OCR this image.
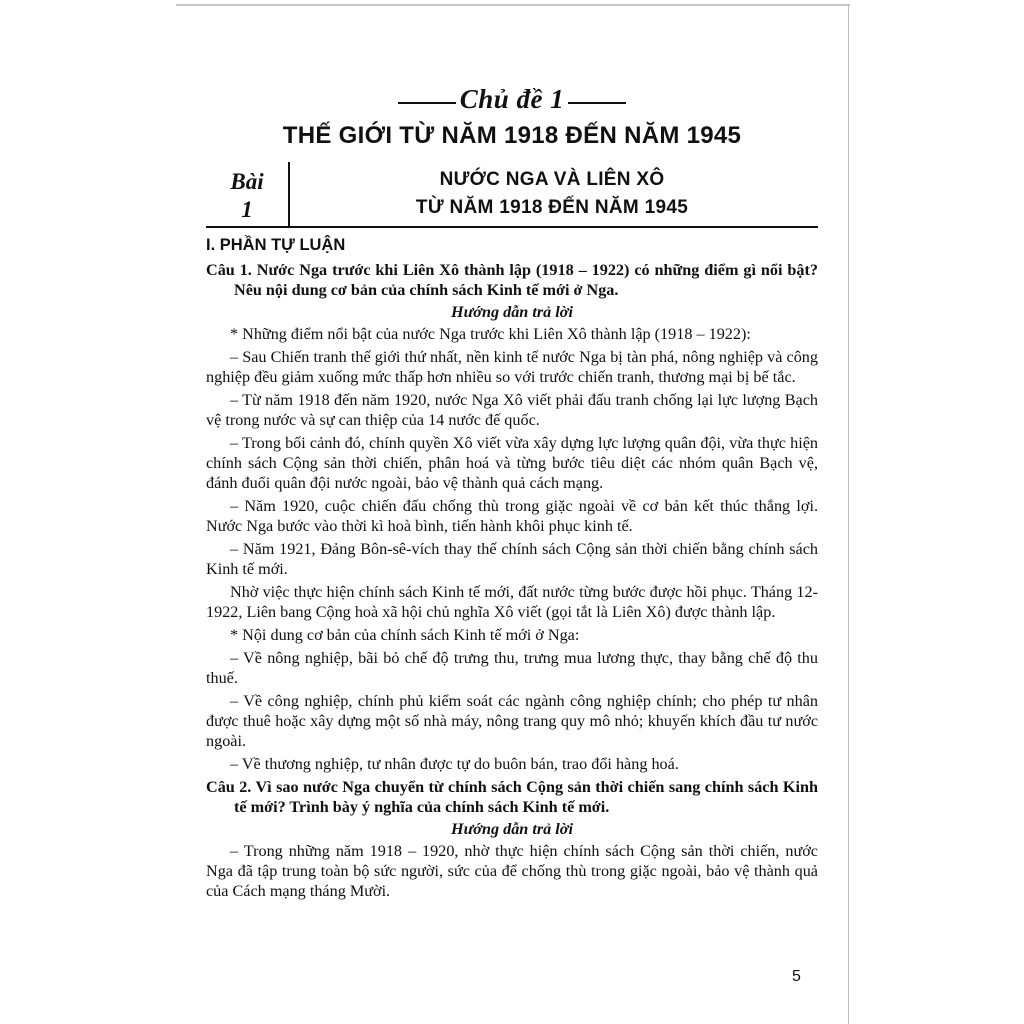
Chủ đề 1
THẾ GIỚI TỪ NĂM 1918 ĐẾN NĂM 1945
Bài
1
NƯỚC NGA VÀ LIÊN XÔ
TỪ NĂM 1918 ĐẾN NĂM 1945
I. PHẦN TỰ LUẬN

Câu 1. Nước Nga trước khi Liên Xô thành lập (1918 – 1922) có những điểm gì nổi bật? Nêu nội dung cơ bản của chính sách Kinh tế mới ở Nga.

Hướng dẫn trả lời

* Những điểm nổi bật của nước Nga trước khi Liên Xô thành lập (1918 – 1922):

– Sau Chiến tranh thế giới thứ nhất, nền kinh tế nước Nga bị tàn phá, nông nghiệp và công nghiệp đều giảm xuống mức thấp hơn nhiều so với trước chiến tranh, thương mại bị bế tắc.

– Từ năm 1918 đến năm 1920, nước Nga Xô viết phải đấu tranh chống lại lực lượng Bạch vệ trong nước và sự can thiệp của 14 nước đế quốc.

– Trong bối cảnh đó, chính quyền Xô viết vừa xây dựng lực lượng quân đội, vừa thực hiện chính sách Cộng sản thời chiến, phân hoá và từng bước tiêu diệt các nhóm quân Bạch vệ, đánh đuổi quân đội nước ngoài, bảo vệ thành quả cách mạng.

– Năm 1920, cuộc chiến đấu chống thù trong giặc ngoài về cơ bản kết thúc thắng lợi. Nước Nga bước vào thời kì hoà bình, tiến hành khôi phục kinh tế.

– Năm 1921, Đảng Bôn-sê-vích thay thế chính sách Cộng sản thời chiến bằng chính sách Kinh tế mới.

Nhờ việc thực hiện chính sách Kinh tế mới, đất nước từng bước được hồi phục. Tháng 12-1922, Liên bang Cộng hoà xã hội chủ nghĩa Xô viết (gọi tắt là Liên Xô) được thành lập.

* Nội dung cơ bản của chính sách Kinh tế mới ở Nga:

– Về nông nghiệp, bãi bỏ chế độ trưng thu, trưng mua lương thực, thay bằng chế độ thu thuế.

– Về công nghiệp, chính phủ kiểm soát các ngành công nghiệp chính; cho phép tư nhân được thuê hoặc xây dựng một số nhà máy, nông trang quy mô nhỏ; khuyến khích đầu tư nước ngoài.

– Về thương nghiệp, tư nhân được tự do buôn bán, trao đổi hàng hoá.

Câu 2. Vì sao nước Nga chuyển từ chính sách Cộng sản thời chiến sang chính sách Kinh tế mới? Trình bày ý nghĩa của chính sách Kinh tế mới.

Hướng dẫn trả lời

– Trong những năm 1918 – 1920, nhờ thực hiện chính sách Cộng sản thời chiến, nước Nga đã tập trung toàn bộ sức người, sức của để chống thù trong giặc ngoài, bảo vệ thành quả của Cách mạng tháng Mười.

5
